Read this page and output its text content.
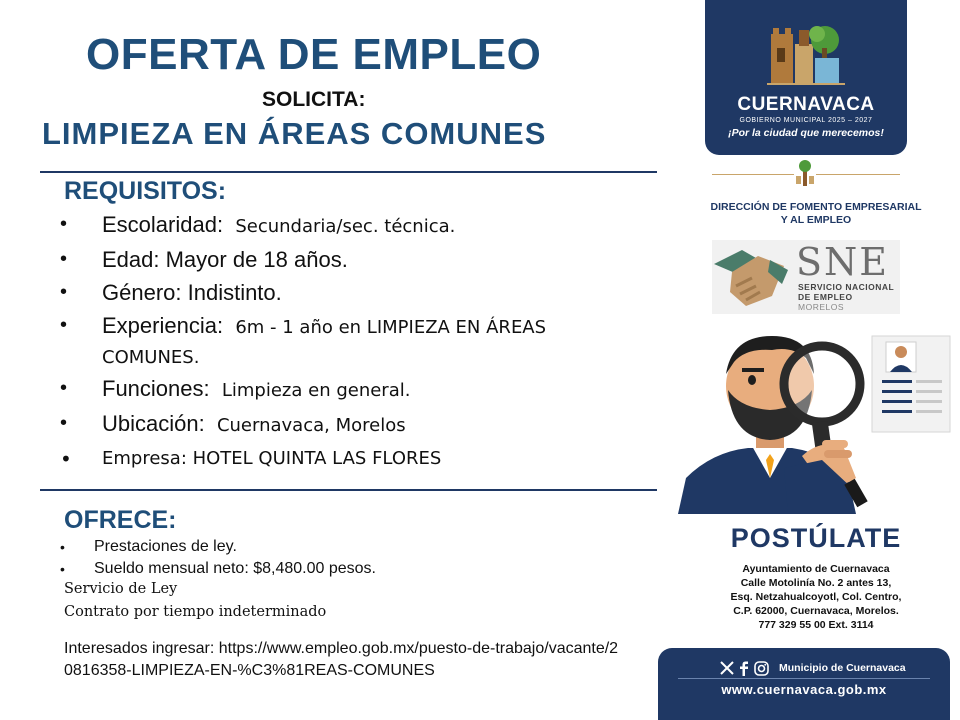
OFERTA DE EMPLEO
SOLICITA:
LIMPIEZA EN ÁREAS COMUNES
REQUISITOS:
• Escolaridad: Secundaria/sec. técnica.
• Edad: Mayor de 18 años.
• Género: Indistinto.
• Experiencia: 6m - 1 año en LIMPIEZA EN ÁREAS
COMUNES.
• Funciones: Limpieza en general.
• Ubicación: Cuernavaca, Morelos
• Empresa: HOTEL QUINTA LAS FLORES
OFRECE:
• Prestaciones de ley.
• Sueldo mensual neto: $8,480.00 pesos.
Servicio de Ley
Contrato por tiempo indeterminado
Interesados ingresar: https://www.empleo.gob.mx/puesto-de-trabajo/vacante/20816358-LIMPIEZA-EN-%C3%81REAS-COMUNES
CUERNAVACA
GOBIERNO MUNICIPAL 2025 – 2027
¡Por la ciudad que merecemos!
DIRECCIÓN DE FOMENTO EMPRESARIAL
Y AL EMPLEO
SNE
SERVICIO NACIONAL
DE EMPLEO
MORELOS
POSTÚLATE
Ayuntamiento de Cuernavaca
Calle Motolinía No. 2 antes 13,
Esq. Netzahualcoyotl, Col. Centro,
C.P. 62000, Cuernavaca, Morelos.
777 329 55 00 Ext. 3114
Municipio de Cuernavaca
www.cuernavaca.gob.mx
